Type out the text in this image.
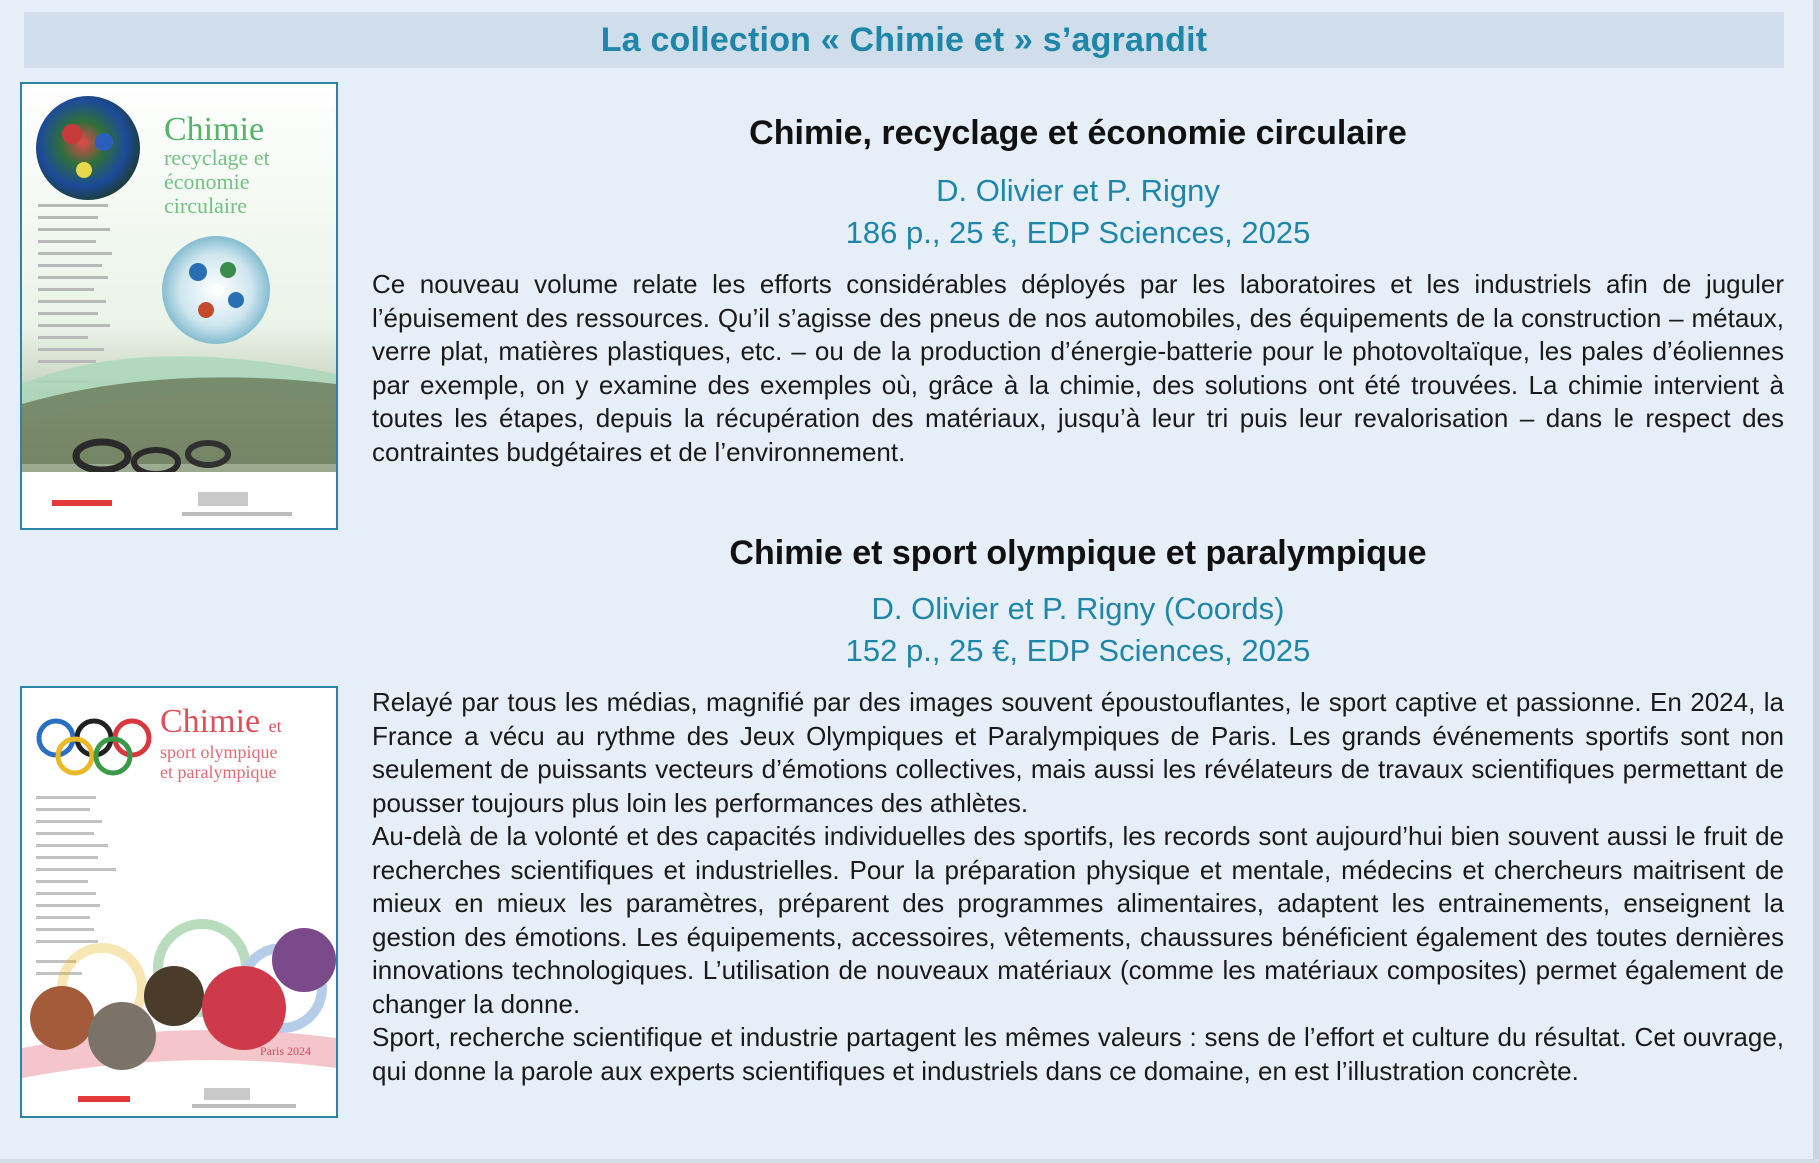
La collection « Chimie et » s’agrandit
Chimie
recyclage et
économie
circulaire
Chimie, recyclage et économie circulaire
D. Olivier et P. Rigny
186 p., 25 €, EDP Sciences, 2025

Ce nouveau volume relate les efforts considérables déployés par les laboratoires et les industriels afin de juguler l’épuisement des ressources. Qu’il s’agisse des pneus de nos automobiles, des équipements de la construction – métaux, verre plat, matières plastiques, etc. – ou de la production d’énergie-batterie pour le photovoltaïque, les pales d’éoliennes par exemple, on y examine des exemples où, grâce à la chimie, des solutions ont été trouvées. La chimie intervient à toutes les étapes, depuis la récupération des matériaux, jusqu’à leur tri puis leur revalorisation – dans le respect des contraintes budgétaires et de l’environnement.

Chimie et
sport olympique
et paralympique
Paris 2024
Chimie et sport olympique et paralympique
D. Olivier et P. Rigny (Coords)
152 p., 25 €, EDP Sciences, 2025

Relayé par tous les médias, magnifié par des images souvent époustouflantes, le sport captive et passionne. En 2024, la France a vécu au rythme des Jeux Olympiques et Paralympiques de Paris. Les grands événements sportifs sont non seulement de puissants vecteurs d’émotions collectives, mais aussi les révélateurs de travaux scientifiques permettant de pousser toujours plus loin les performances des athlètes.

Au-delà de la volonté et des capacités individuelles des sportifs, les records sont aujourd’hui bien souvent aussi le fruit de recherches scientifiques et industrielles. Pour la préparation physique et mentale, médecins et chercheurs maitrisent de mieux en mieux les paramètres, préparent des programmes alimentaires, adaptent les entrainements, enseignent la gestion des émotions. Les équipements, accessoires, vêtements, chaussures bénéficient également des toutes dernières innovations technologiques. L’utilisation de nouveaux matériaux (comme les matériaux composites) permet également de changer la donne.

Sport, recherche scientifique et industrie partagent les mêmes valeurs : sens de l’effort et culture du résultat. Cet ouvrage, qui donne la parole aux experts scientifiques et industriels dans ce domaine, en est l’illustration concrète.
